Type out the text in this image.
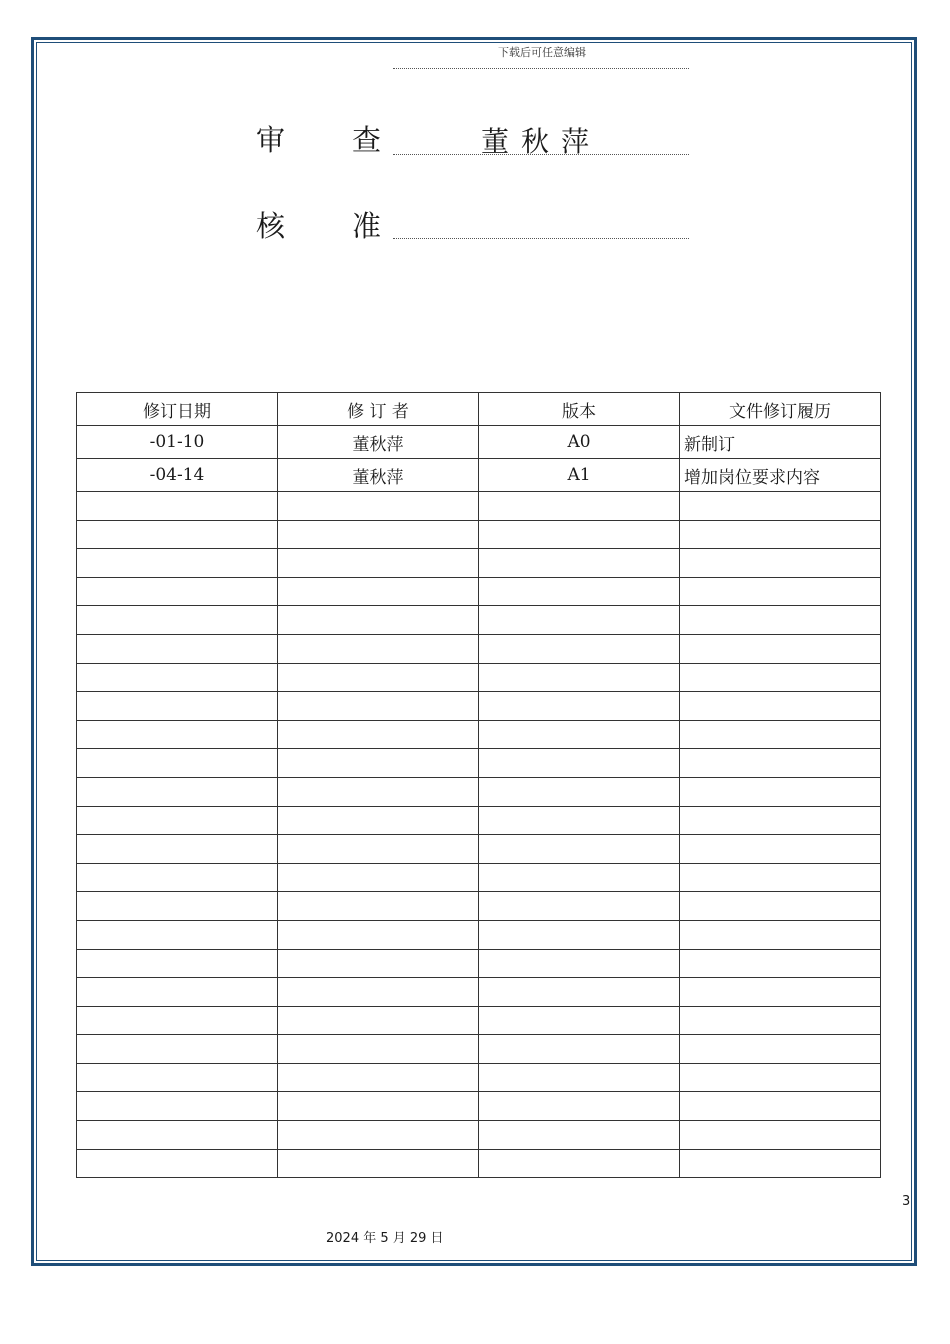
下载后可任意编辑
审 查	董秋萍
核 准
修订日期	修 订 者	版本	文件修订履历
-01-10	董秋萍	A0	新制订
-04-14	董秋萍	A1	增加岗位要求内容

3
2024 年 5 月 29 日
